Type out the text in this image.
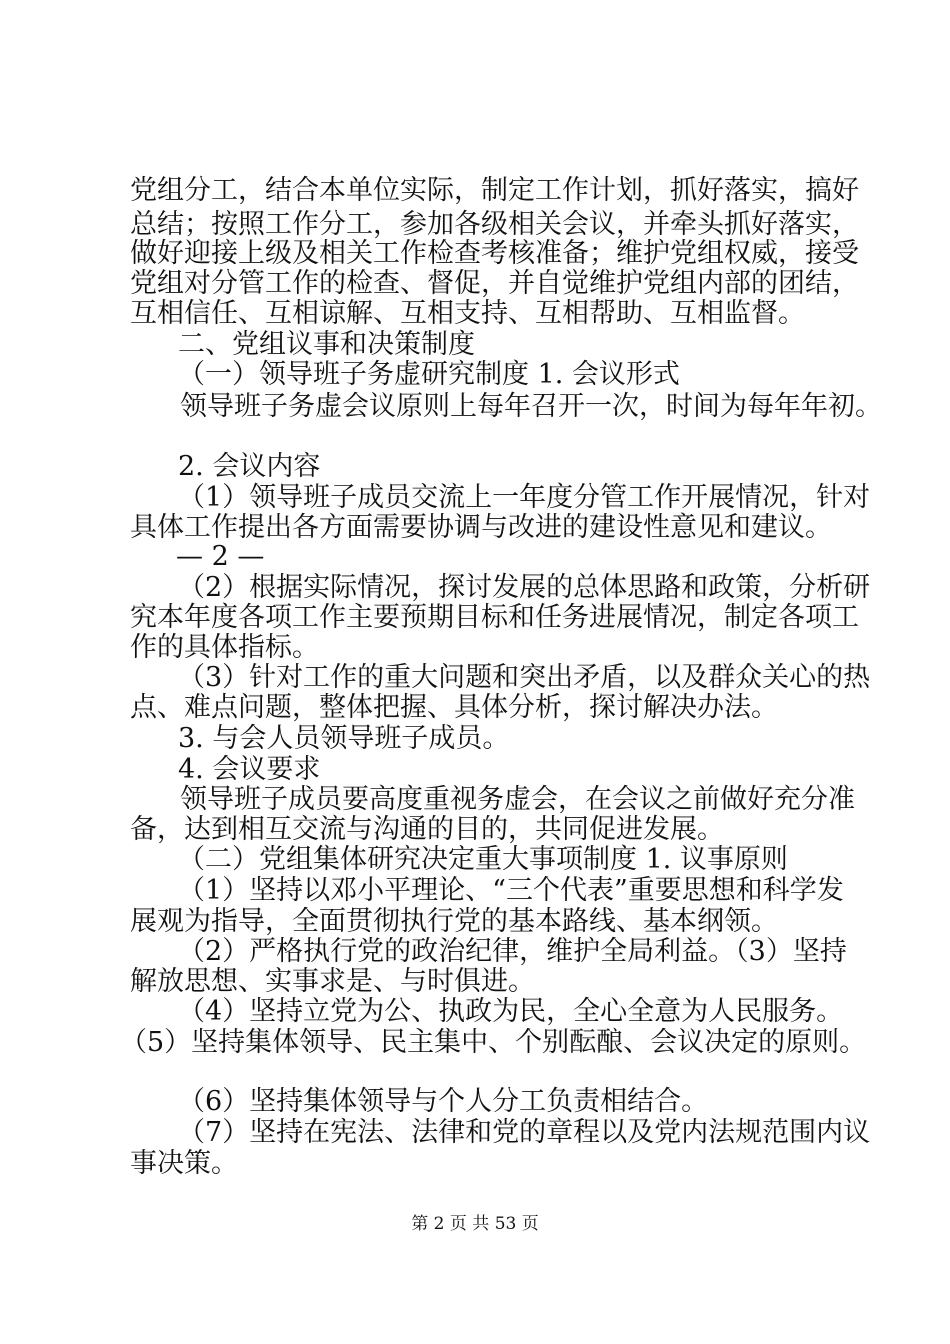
党组分工，结合本单位实际，制定工作计划，抓好落实，搞好

总结；按照工作分工，参加各级相关会议，并牵头抓好落实，

做好迎接上级及相关工作检查考核准备；维护党组权威，接受

党组对分管工作的检查、督促，并自觉维护党组内部的团结，

互相信任、互相谅解、互相支持、互相帮助、互相监督。

二、党组议事和决策制度

（一）领导班子务虚研究制度 1. 会议形式

领导班子务虚会议原则上每年召开一次，时间为每年年初。

2. 会议内容

（1）领导班子成员交流上一年度分管工作开展情况，针对

具体工作提出各方面需要协调与改进的建设性意见和建议。

— 2 —

（2）根据实际情况，探讨发展的总体思路和政策，分析研

究本年度各项工作主要预期目标和任务进展情况，制定各项工

作的具体指标。

（3）针对工作的重大问题和突出矛盾，以及群众关心的热

点、难点问题，整体把握、具体分析，探讨解决办法。

3. 与会人员领导班子成员。

4. 会议要求

领导班子成员要高度重视务虚会，在会议之前做好充分准

备，达到相互交流与沟通的目的，共同促进发展。

（二）党组集体研究决定重大事项制度 1. 议事原则

（1）坚持以邓小平理论、“三个代表”重要思想和科学发

展观为指导，全面贯彻执行党的基本路线、基本纲领。

（2）严格执行党的政治纪律，维护全局利益。（3）坚持

解放思想、实事求是、与时俱进。

（4）坚持立党为公、执政为民，全心全意为人民服务。

（5）坚持集体领导、民主集中、个别酝酿、会议决定的原则。

（6）坚持集体领导与个人分工负责相结合。

（7）坚持在宪法、法律和党的章程以及党内法规范围内议

事决策。

第 2 页 共 53 页
